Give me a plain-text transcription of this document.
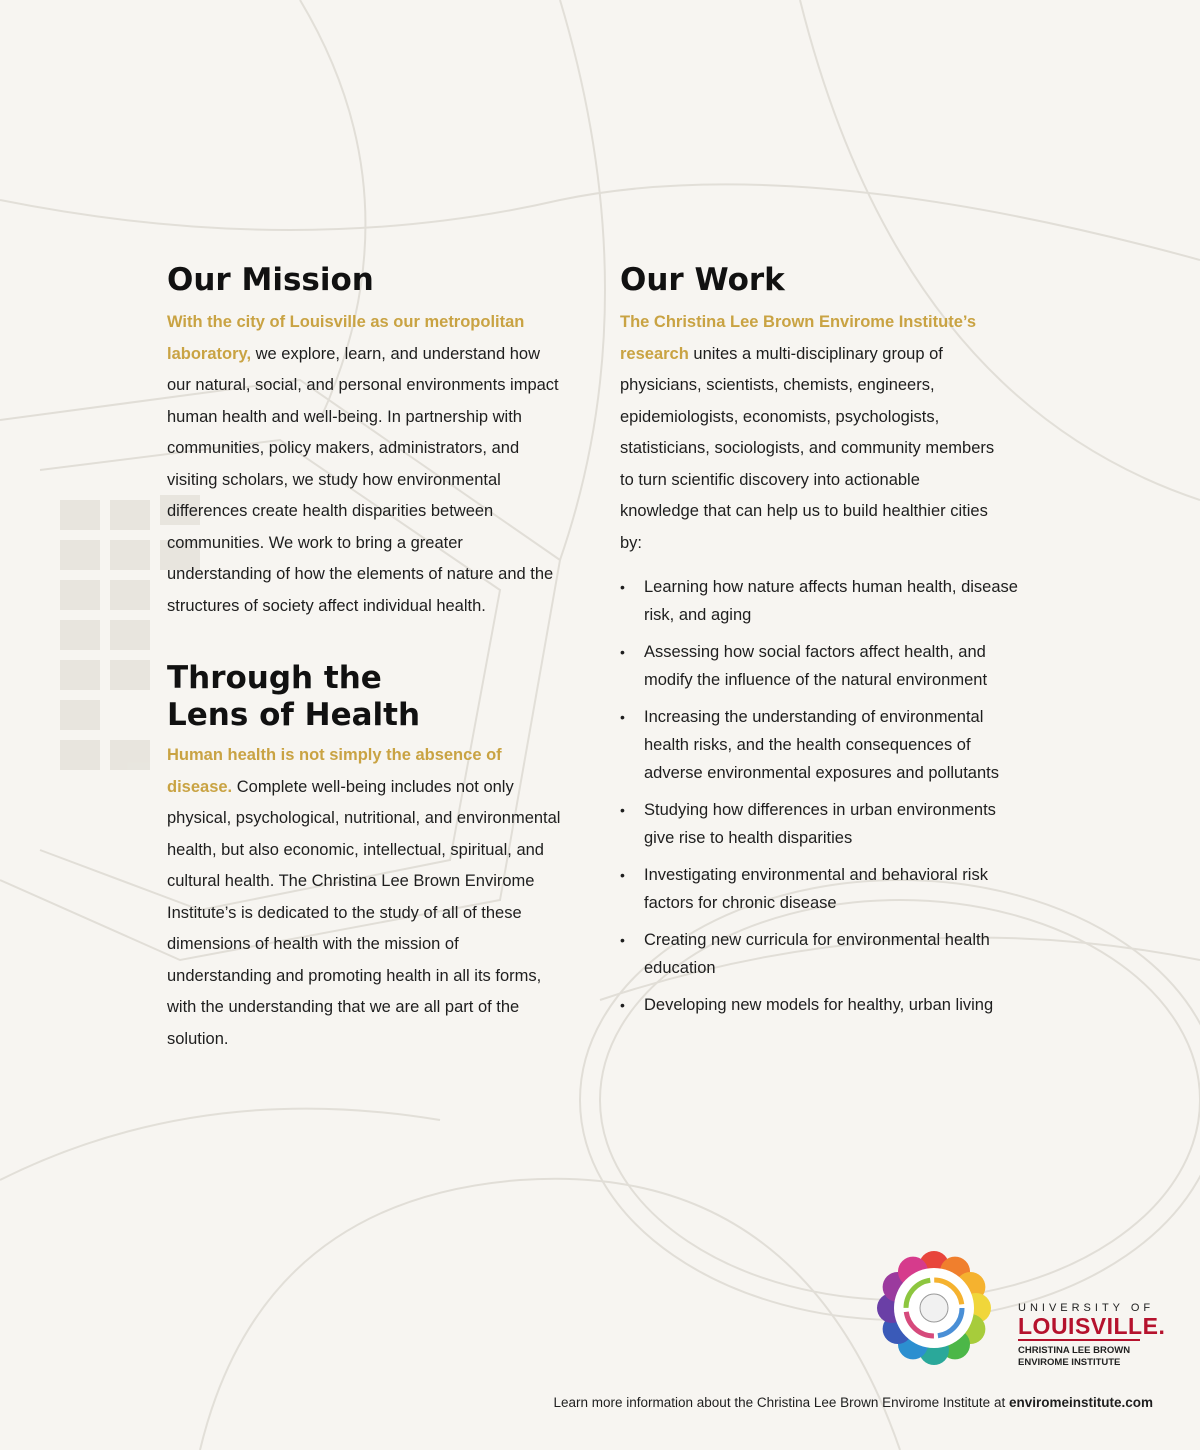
Our Mission

With the city of Louisville as our metropolitan laboratory, we explore, learn, and understand how our natural, social, and personal environments impact human health and well-being. In partnership with communities, policy makers, administrators, and visiting scholars, we study how environmental differences create health disparities between communities. We work to bring a greater understanding of how the elements of nature and the structures of society affect individual health.

Through the
Lens of Health

Human health is not simply the absence of disease. Complete well-being includes not only physical, psychological, nutritional, and environmental health, but also economic, intellectual, spiritual, and cultural health. The Christina Lee Brown Envirome Institute’s is dedicated to the study of all of these dimensions of health with the mission of understanding and promoting health in all its forms, with the understanding that we are all part of the solution.

Our Work

The Christina Lee Brown Envirome Institute’s research unites a multi-disciplinary group of physicians, scientists, chemists, engineers, epidemiologists, economists, psychologists, statisticians, sociologists, and community members to turn scientific discovery into actionable knowledge that can help us to build healthier cities by:

• Learning how nature affects human health, disease risk, and aging
• Assessing how social factors affect health, and modify the influence of the natural environment
• Increasing the understanding of environmental health risks, and the health consequences of adverse environmental exposures and pollutants
• Studying how differences in urban environments give rise to health disparities
• Investigating environmental and behavioral risk factors for chronic disease
• Creating new curricula for environmental health education
• Developing new models for healthy, urban living
UNIVERSITY OF
LOUISVILLE.
CHRISTINA LEE BROWN
ENVIROME INSTITUTE
Learn more information about the Christina Lee Brown Envirome Institute at enviromeinstitute.com
